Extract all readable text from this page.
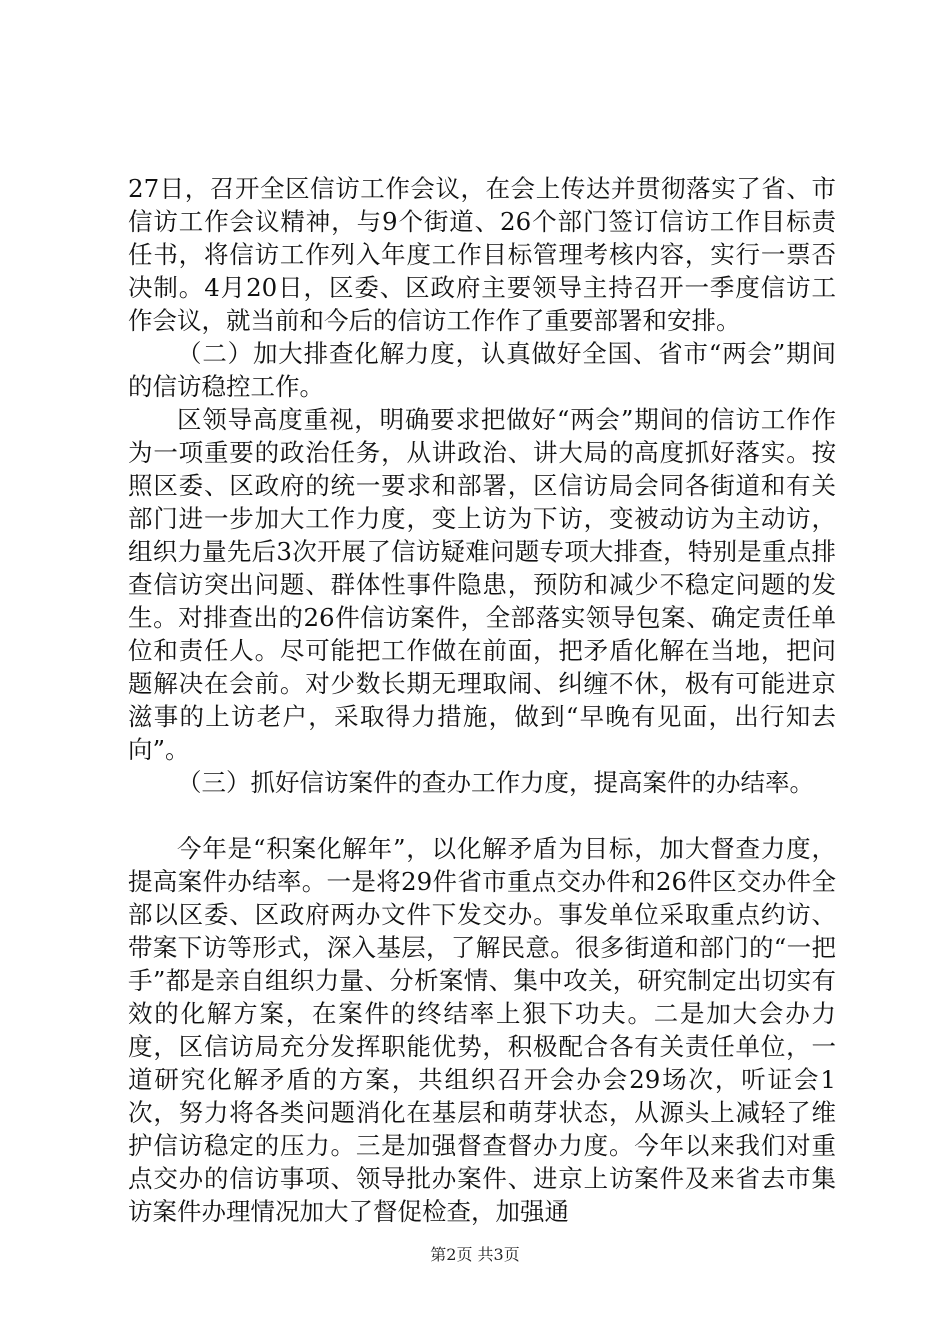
27日，召开全区信访工作会议，在会上传达并贯彻落实了省、市信访工作会议精神，与9个街道、26个部门签订信访工作目标责任书，将信访工作列入年度工作目标管理考核内容，实行一票否决制。4月20日，区委、区政府主要领导主持召开一季度信访工作会议，就当前和今后的信访工作作了重要部署和安排。

（二）加大排查化解力度，认真做好全国、省市“两会”期间的信访稳控工作。

区领导高度重视，明确要求把做好“两会”期间的信访工作作为一项重要的政治任务，从讲政治、讲大局的高度抓好落实。按照区委、区政府的统一要求和部署，区信访局会同各街道和有关部门进一步加大工作力度，变上访为下访，变被动访为主动访，组织力量先后3次开展了信访疑难问题专项大排查，特别是重点排查信访突出问题、群体性事件隐患，预防和减少不稳定问题的发生。对排查出的26件信访案件，全部落实领导包案、确定责任单位和责任人。尽可能把工作做在前面，把矛盾化解在当地，把问题解决在会前。对少数长期无理取闹、纠缠不休，极有可能进京滋事的上访老户，采取得力措施，做到“早晚有见面，出行知去向”。

（三）抓好信访案件的查办工作力度，提高案件的办结率。

今年是“积案化解年”，以化解矛盾为目标，加大督查力度，提高案件办结率。一是将29件省市重点交办件和26件区交办件全部以区委、区政府两办文件下发交办。事发单位采取重点约访、带案下访等形式，深入基层，了解民意。很多街道和部门的“一把手”都是亲自组织力量、分析案情、集中攻关，研究制定出切实有效的化解方案，在案件的终结率上狠下功夫。二是加大会办力度，区信访局充分发挥职能优势，积极配合各有关责任单位，一道研究化解矛盾的方案，共组织召开会办会29场次，听证会1次，努力将各类问题消化在基层和萌芽状态，从源头上减轻了维护信访稳定的压力。三是加强督查督办力度。今年以来我们对重点交办的信访事项、领导批办案件、进京上访案件及来省去市集访案件办理情况加大了督促检查，加强通

第2页 共3页
